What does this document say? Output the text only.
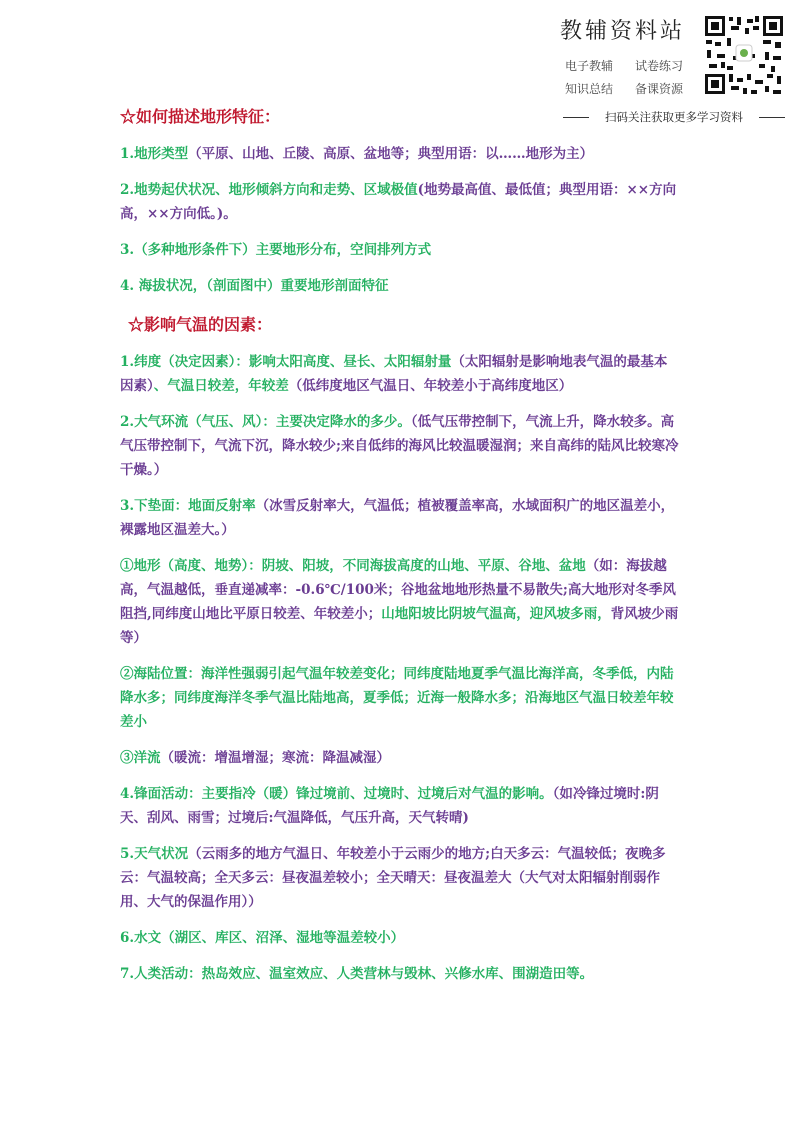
教辅资料站
电子教辅	试卷练习
知识总结	备课资源
扫码关注获取更多学习资料
☆如何描述地形特征：

1.地形类型（平原、山地、丘陵、高原、盆地等；典型用语：以……地形为主）

2.地势起伏状况、地形倾斜方向和走势、区域极值(地势最高值、最低值；典型用语：××方向高，××方向低。)。

3.（多种地形条件下）主要地形分布，空间排列方式

4. 海拔状况，（剖面图中）重要地形剖面特征

☆影响气温的因素：

1.纬度（决定因素）：影响太阳高度、昼长、太阳辐射量（太阳辐射是影响地表气温的最基本因素）、气温日较差，年较差（低纬度地区气温日、年较差小于高纬度地区）

2.大气环流（气压、风）：主要决定降水的多少。（低气压带控制下，气流上升，降水较多。高气压带控制下，气流下沉，降水较少;来自低纬的海风比较温暖湿润；来自高纬的陆风比较寒冷干燥。）

3.下垫面：地面反射率（冰雪反射率大，气温低；植被覆盖率高，水域面积广的地区温差小，裸露地区温差大。）

①地形（高度、地势）：阴坡、阳坡，不同海拔高度的山地、平原、谷地、盆地（如：海拔越高，气温越低，垂直递减率：-0.6℃/100米；谷地盆地地形热量不易散失;高大地形对冬季风阻挡,同纬度山地比平原日较差、年较差小；山地阳坡比阴坡气温高，迎风坡多雨，背风坡少雨等）

②海陆位置：海洋性强弱引起气温年较差变化；同纬度陆地夏季气温比海洋高，冬季低，内陆降水多；同纬度海洋冬季气温比陆地高，夏季低；近海一般降水多；沿海地区气温日较差年较差小

③洋流（暖流：增温增湿；寒流：降温减湿）

4.锋面活动：主要指冷（暖）锋过境前、过境时、过境后对气温的影响。（如冷锋过境时:阴天、刮风、雨雪；过境后:气温降低，气压升高，天气转晴)

5.天气状况（云雨多的地方气温日、年较差小于云雨少的地方;白天多云：气温较低；夜晚多云：气温较高；全天多云：昼夜温差较小；全天晴天：昼夜温差大（大气对太阳辐射削弱作用、大气的保温作用））

6.水文（湖区、库区、沼泽、湿地等温差较小）

7.人类活动：热岛效应、温室效应、人类营林与毁林、兴修水库、围湖造田等。
